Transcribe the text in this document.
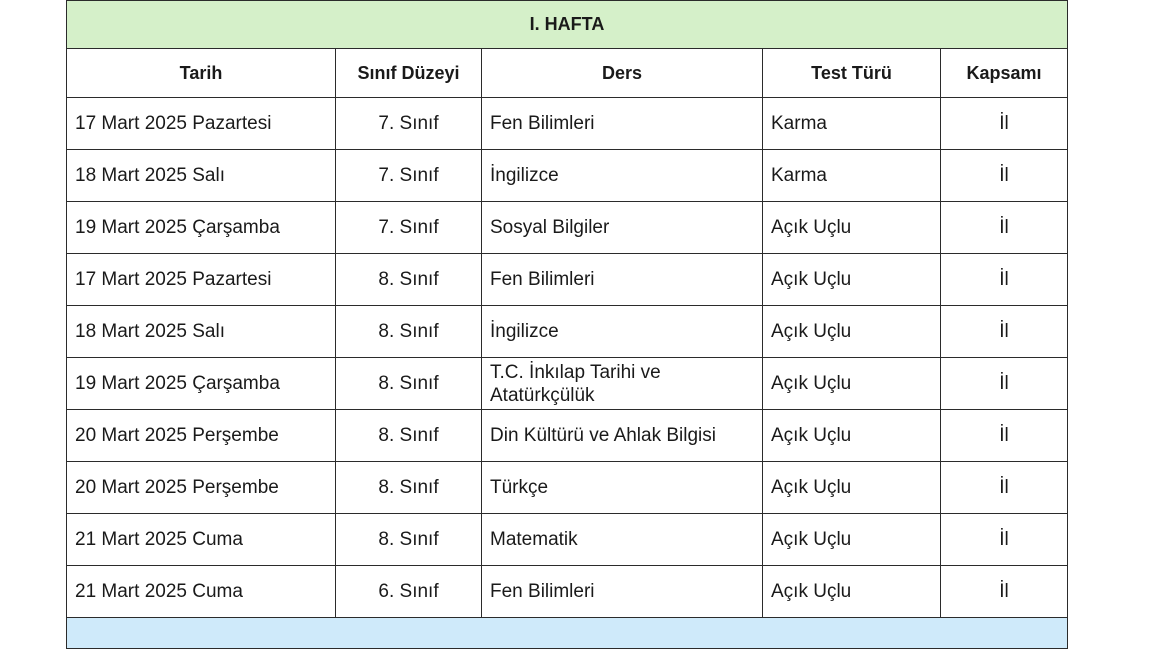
I. HAFTA				
Tarih	Sınıf Düzeyi	Ders	Test Türü	Kapsamı
17 Mart 2025 Pazartesi	7. Sınıf	Fen Bilimleri	Karma	İl
18 Mart 2025 Salı	7. Sınıf	İngilizce	Karma	İl
19 Mart 2025 Çarşamba	7. Sınıf	Sosyal Bilgiler	Açık Uçlu	İl
17 Mart 2025 Pazartesi	8. Sınıf	Fen Bilimleri	Açık Uçlu	İl
18 Mart 2025 Salı	8. Sınıf	İngilizce	Açık Uçlu	İl
19 Mart 2025 Çarşamba	8. Sınıf	T.C. İnkılap Tarihi ve Atatürkçülük	Açık Uçlu	İl
20 Mart 2025 Perşembe	8. Sınıf	Din Kültürü ve Ahlak Bilgisi	Açık Uçlu	İl
20 Mart 2025 Perşembe	8. Sınıf	Türkçe	Açık Uçlu	İl
21 Mart 2025 Cuma	8. Sınıf	Matematik	Açık Uçlu	İl
21 Mart 2025 Cuma	6. Sınıf	Fen Bilimleri	Açık Uçlu	İl
